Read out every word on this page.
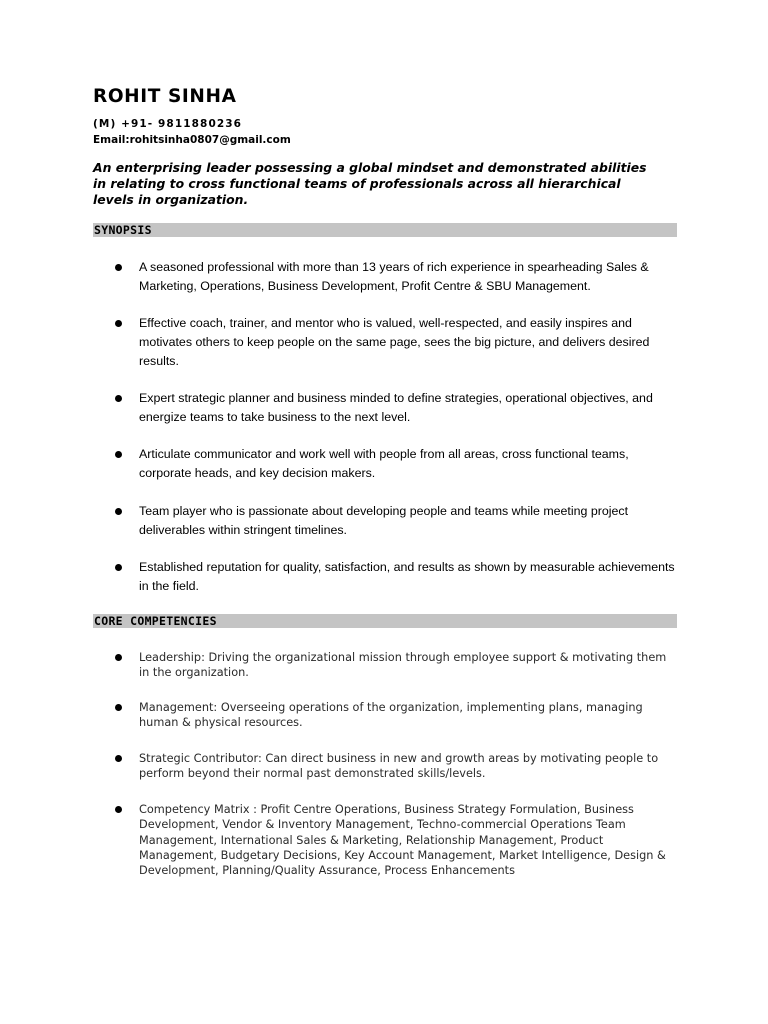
ROHIT SINHA
(M) +91- 9811880236
Email:rohitsinha0807@gmail.com

An enterprising leader possessing a global mindset and demonstrated abilities in relating to cross functional teams of professionals across all hierarchical levels in organization.

SYNOPSIS
A seasoned professional with more than 13 years of rich experience in spearheading Sales & Marketing, Operations, Business Development, Profit Centre & SBU Management.
Effective coach, trainer, and mentor who is valued, well-respected, and easily inspires and motivates others to keep people on the same page, sees the big picture, and delivers desired results.
Expert strategic planner and business minded to define strategies, operational objectives, and energize teams to take business to the next level.
Articulate communicator and work well with people from all areas, cross functional teams, corporate heads, and key decision makers.
Team player who is passionate about developing people and teams while meeting project deliverables within stringent timelines.
Established reputation for quality, satisfaction, and results as shown by measurable achievements in the field.
CORE COMPETENCIES
Leadership: Driving the organizational mission through employee support & motivating them in the organization.
Management: Overseeing operations of the organization, implementing plans, managing human & physical resources.
Strategic Contributor: Can direct business in new and growth areas by motivating people to perform beyond their normal past demonstrated skills/levels.
Competency Matrix : Profit Centre Operations, Business Strategy Formulation, Business Development, Vendor & Inventory Management, Techno-commercial Operations Team Management, International Sales & Marketing, Relationship Management, Product Management, Budgetary Decisions, Key Account Management, Market Intelligence, Design & Development, Planning/Quality Assurance, Process Enhancements
